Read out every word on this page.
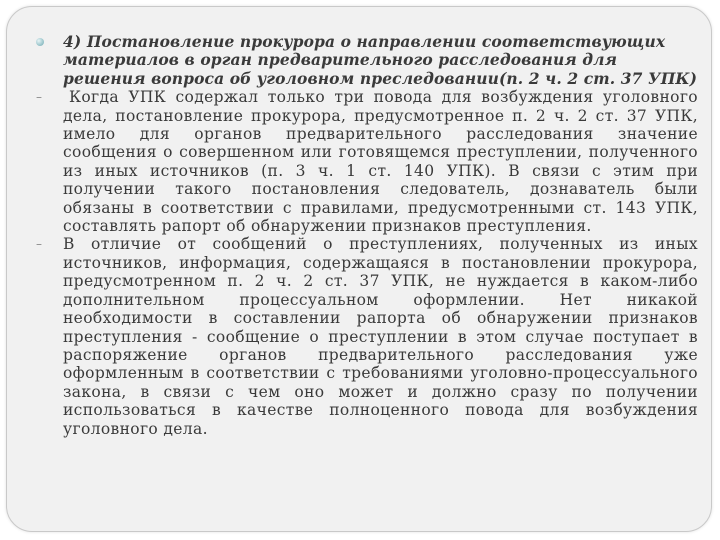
4) Постановление прокурора о направлении соответствующих материалов в орган предварительного расследования для решения вопроса об уголовном преследовании(п. 2 ч. 2 ст. 37 УПК)
–	Когда УПК содержал только три повода для возбуждения уголовного дела, постановление прокурора, предусмотренное п. 2 ч. 2 ст. 37 УПК, имело для органов предварительного расследования значение сообщения о совершенном или готовящемся преступлении, полученного из иных источников (п. 3 ч. 1 ст. 140 УПК). В связи с этим при получении такого постановления следователь, дознаватель были обязаны в соответствии с правилами, предусмотренными ст. 143 УПК, составлять рапорт об обнаружении признаков преступления.
– В отличие от сообщений о преступлениях, полученных из иных источников, информация, содержащаяся в постановлении прокурора, предусмотренном п. 2 ч. 2 ст. 37 УПК, не нуждается в каком-либо дополнительном процессуальном оформлении. Нет никакой необходимости в составлении рапорта об обнаружении признаков преступления - сообщение о преступлении в этом случае поступает в распоряжение органов предварительного расследования уже оформленным в соответствии с требованиями уголовно-процессуального закона, в связи с чем оно может и должно сразу по получении использоваться в качестве полноценного повода для возбуждения уголовного дела.
